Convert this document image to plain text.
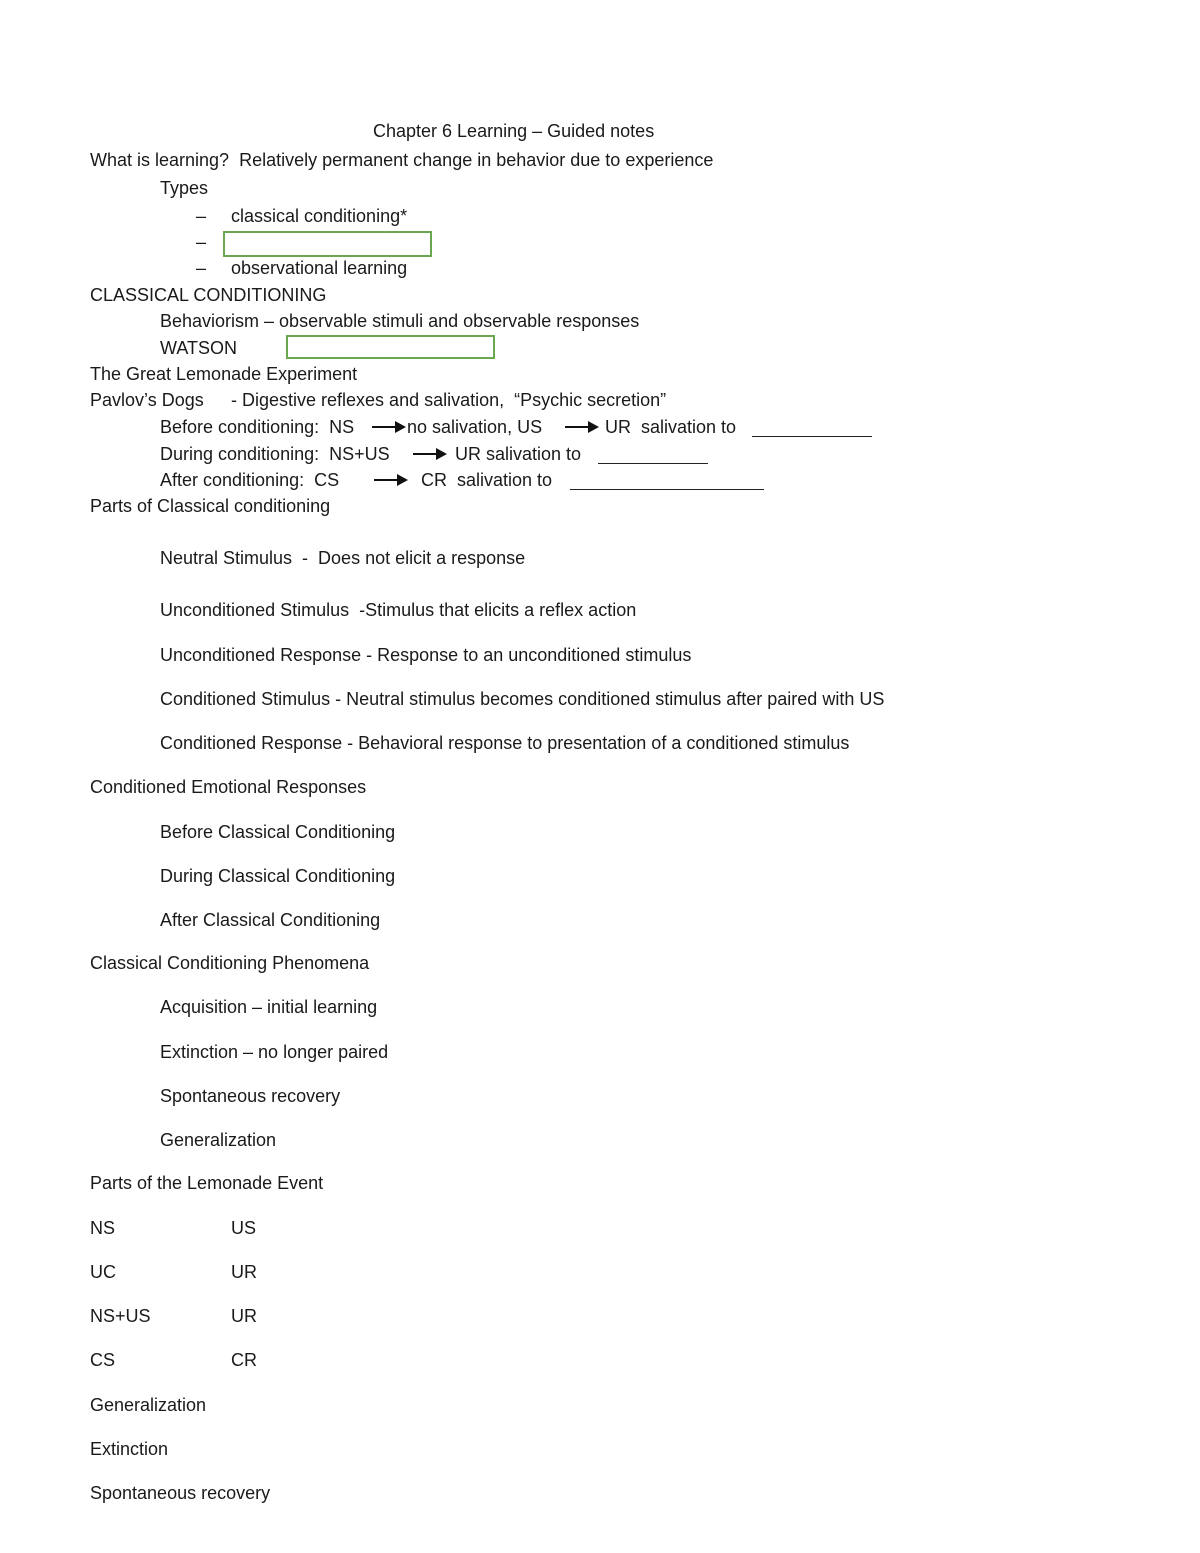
Chapter 6 Learning – Guided notes
What is learning?  Relatively permanent change in behavior due to experience
Types
– classical conditioning*
–
– observational learning
CLASSICAL CONDITIONING
Behaviorism – observable stimuli and observable responses
WATSON
The Great Lemonade Experiment
Pavlov’s Dogs - Digestive reflexes and salivation,  “Psychic secretion”
Before conditioning:  NS	no salivation, US	UR  salivation to
During conditioning:  NS+US	UR salivation to
After conditioning:  CS	CR  salivation to
Parts of Classical conditioning
Neutral Stimulus  -  Does not elicit a response
Unconditioned Stimulus  -Stimulus that elicits a reflex action
Unconditioned Response - Response to an unconditioned stimulus
Conditioned Stimulus - Neutral stimulus becomes conditioned stimulus after paired with US
Conditioned Response - Behavioral response to presentation of a conditioned stimulus
Conditioned Emotional Responses
Before Classical Conditioning
During Classical Conditioning
After Classical Conditioning
Classical Conditioning Phenomena
Acquisition – initial learning
Extinction – no longer paired
Spontaneous recovery
Generalization
Parts of the Lemonade Event
NS	US
UC	UR
NS+US	UR
CS	CR
Generalization
Extinction
Spontaneous recovery
